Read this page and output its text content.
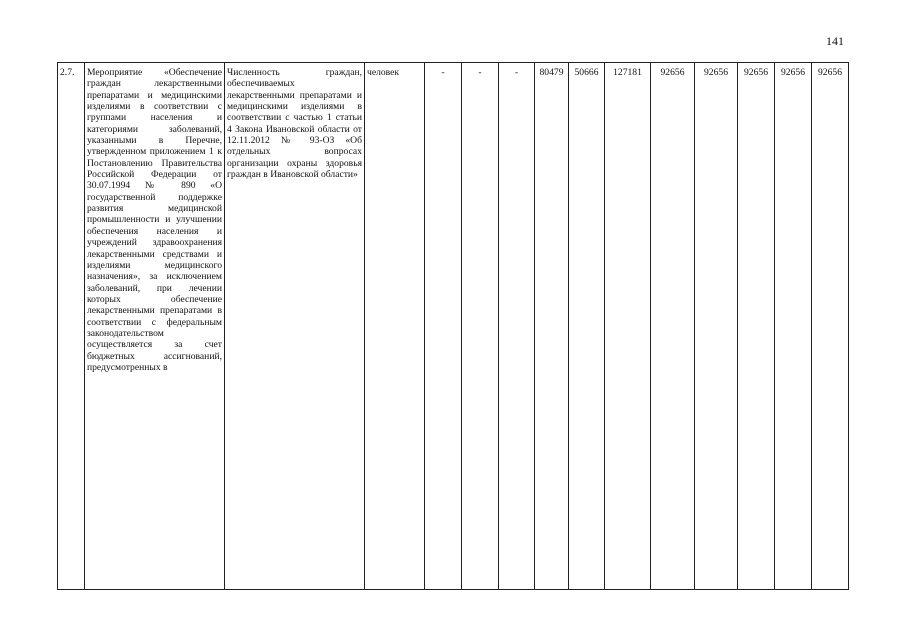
141
2.7.	Мероприятие «Обеспечение граждан лекарственными препаратами и медицинскими изделиями в соответствии с группами населения и категориями заболеваний, указанными в Перечне, утвержденном приложением 1 к Постановлению Правительства Российской Федерации от 30.07.1994 № 890 «О государственной поддержке развития медицинской промышленности и улучшении обеспечения населения и учреждений здравоохранения лекарственными средствами и изделиями медицинского назначения», за исключением заболеваний, при лечении которых обеспечение лекарственными препаратами в соответствии с федеральным законодательством осуществляется за счет бюджетных ассигнований, предусмотренных в	Численность граждан, обеспечиваемых лекарственными препаратами и медицинскими изделиями в соответствии с частью 1 статьи 4 Закона Ивановской области от 12.11.2012 № 93-ОЗ «Об отдельных вопросах организации охраны здоровья граждан в Ивановской области»	человек	-	-	-	80479	50666	127181	92656	92656	92656	92656	92656
